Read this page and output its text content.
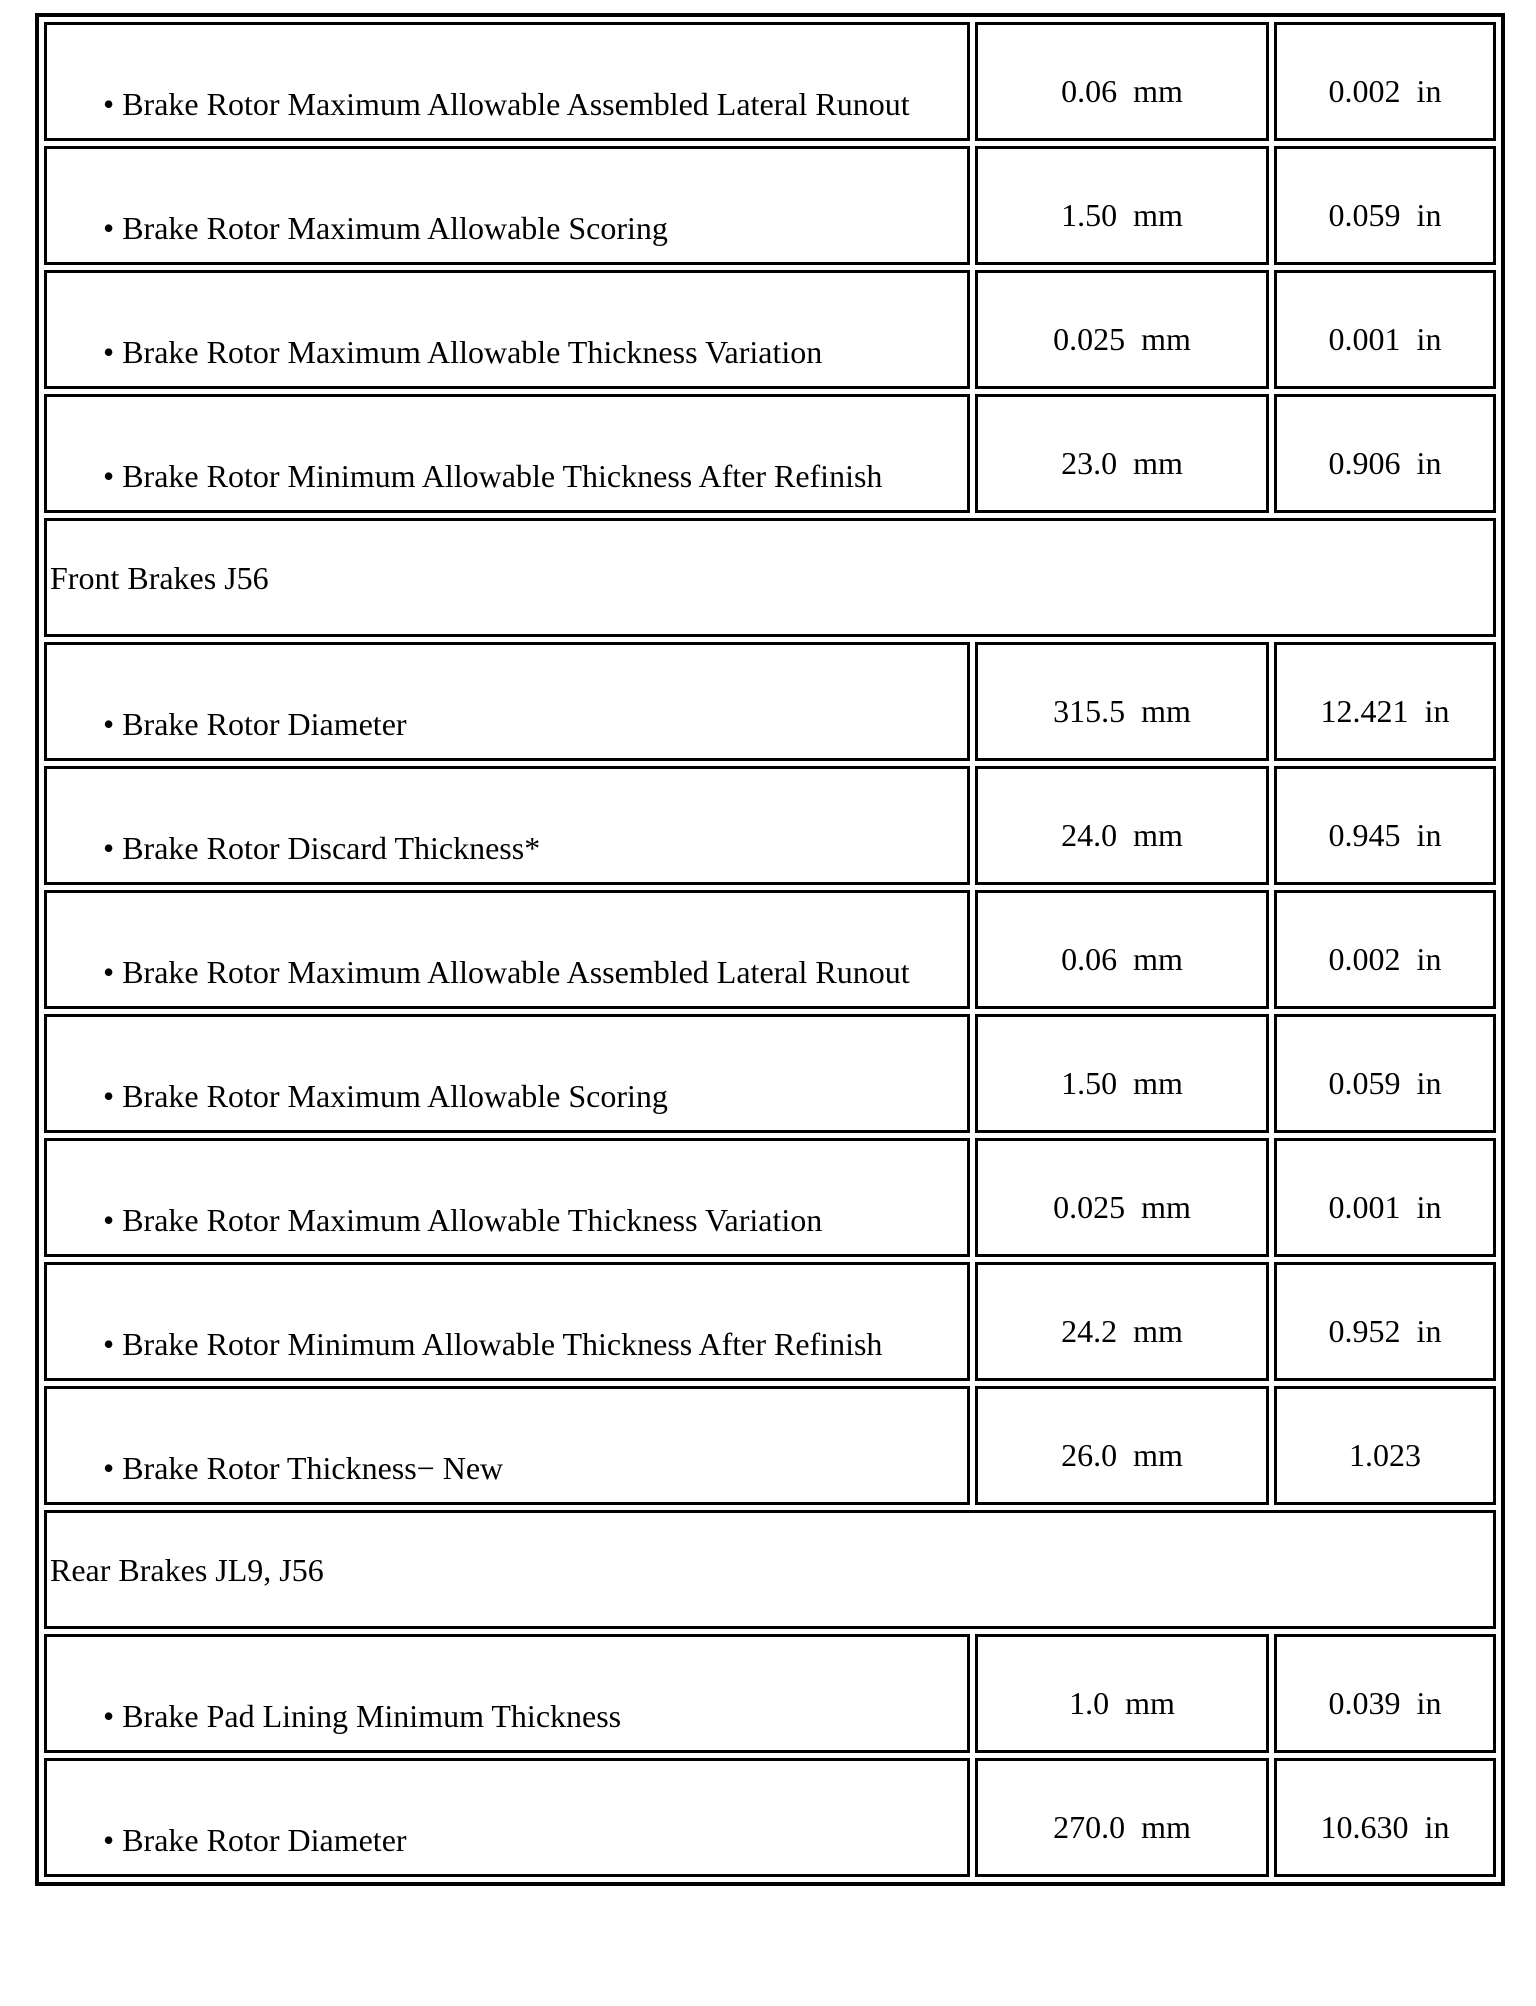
• Brake Rotor Maximum Allowable Assembled Lateral Runout	0.06  mm	0.002  in
• Brake Rotor Maximum Allowable Scoring	1.50  mm	0.059  in
• Brake Rotor Maximum Allowable Thickness Variation	0.025  mm	0.001  in
• Brake Rotor Minimum Allowable Thickness After Refinish	23.0  mm	0.906  in
Front Brakes J56		
• Brake Rotor Diameter	315.5  mm	12.421  in
• Brake Rotor Discard Thickness*	24.0  mm	0.945  in
• Brake Rotor Maximum Allowable Assembled Lateral Runout	0.06  mm	0.002  in
• Brake Rotor Maximum Allowable Scoring	1.50  mm	0.059  in
• Brake Rotor Maximum Allowable Thickness Variation	0.025  mm	0.001  in
• Brake Rotor Minimum Allowable Thickness After Refinish	24.2  mm	0.952  in
• Brake Rotor Thickness− New	26.0  mm	1.023
Rear Brakes JL9, J56		
• Brake Pad Lining Minimum Thickness	1.0  mm	0.039  in
• Brake Rotor Diameter	270.0  mm	10.630  in
